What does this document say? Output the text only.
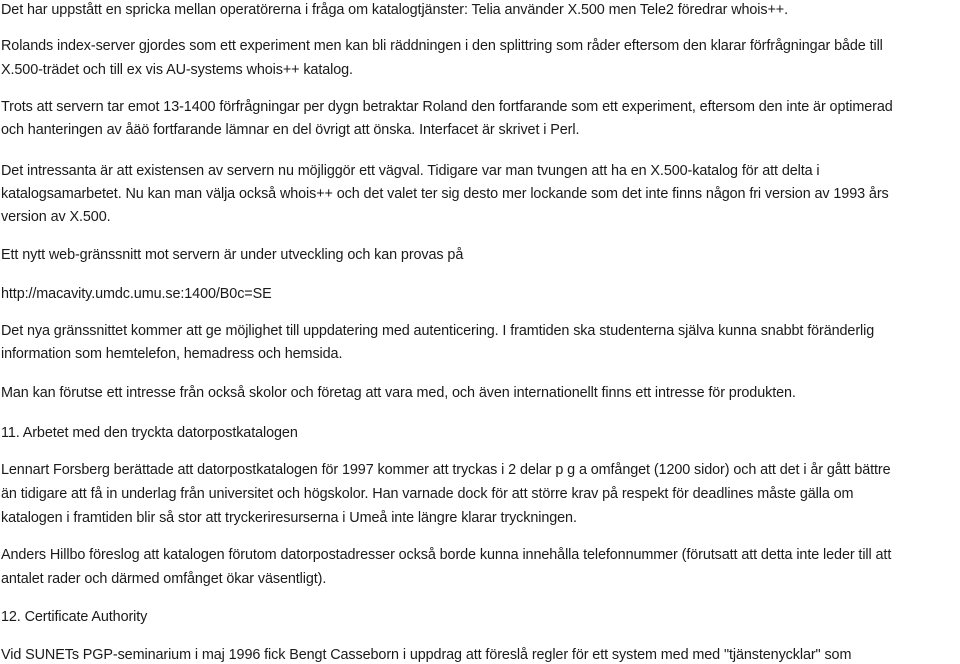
Det har uppstått en spricka mellan operatörerna i fråga om katalogtjänster: Telia använder X.500 men Tele2 föredrar whois++.
Rolands index-server gjordes som ett experiment men kan bli räddningen i den splittring som råder eftersom den klarar förfrågningar både till
X.500-trädet och till ex vis AU-systems whois++ katalog.
Trots att servern tar emot 13-1400 förfrågningar per dygn betraktar Roland den fortfarande som ett experiment, eftersom den inte är optimerad
och hanteringen av åäö fortfarande lämnar en del övrigt att önska. Interfacet är skrivet i Perl.
Det intressanta är att existensen av servern nu möjliggör ett vägval. Tidigare var man tvungen att ha en X.500-katalog för att delta i
katalogsamarbetet. Nu kan man välja också whois++ och det valet ter sig desto mer lockande som det inte finns någon fri version av 1993 års
version av X.500.
Ett nytt web-gränssnitt mot servern är under utveckling och kan provas på
http://macavity.umdc.umu.se:1400/B0c=SE
Det nya gränssnittet kommer att ge möjlighet till uppdatering med autenticering. I framtiden ska studenterna själva kunna snabbt föränderlig
information som hemtelefon, hemadress och hemsida.
Man kan förutse ett intresse från också skolor och företag att vara med, och även internationellt finns ett intresse för produkten.
11. Arbetet med den tryckta datorpostkatalogen
Lennart Forsberg berättade att datorpostkatalogen för 1997 kommer att tryckas i 2 delar p g a omfånget (1200 sidor) och att det i år gått bättre
än tidigare att få in underlag från universitet och högskolor. Han varnade dock för att större krav på respekt för deadlines måste gälla om
katalogen i framtiden blir så stor att tryckeriresurserna i Umeå inte längre klarar tryckningen.
Anders Hillbo föreslog att katalogen förutom datorpostadresser också borde kunna innehålla telefonnummer (förutsatt att detta inte leder till att
antalet rader och därmed omfånget ökar väsentligt).
12. Certificate Authority
Vid SUNETs PGP-seminarium i maj 1996 fick Bengt Casseborn i uppdrag att föreslå regler för ett system med med "tjänstenycklar" som
